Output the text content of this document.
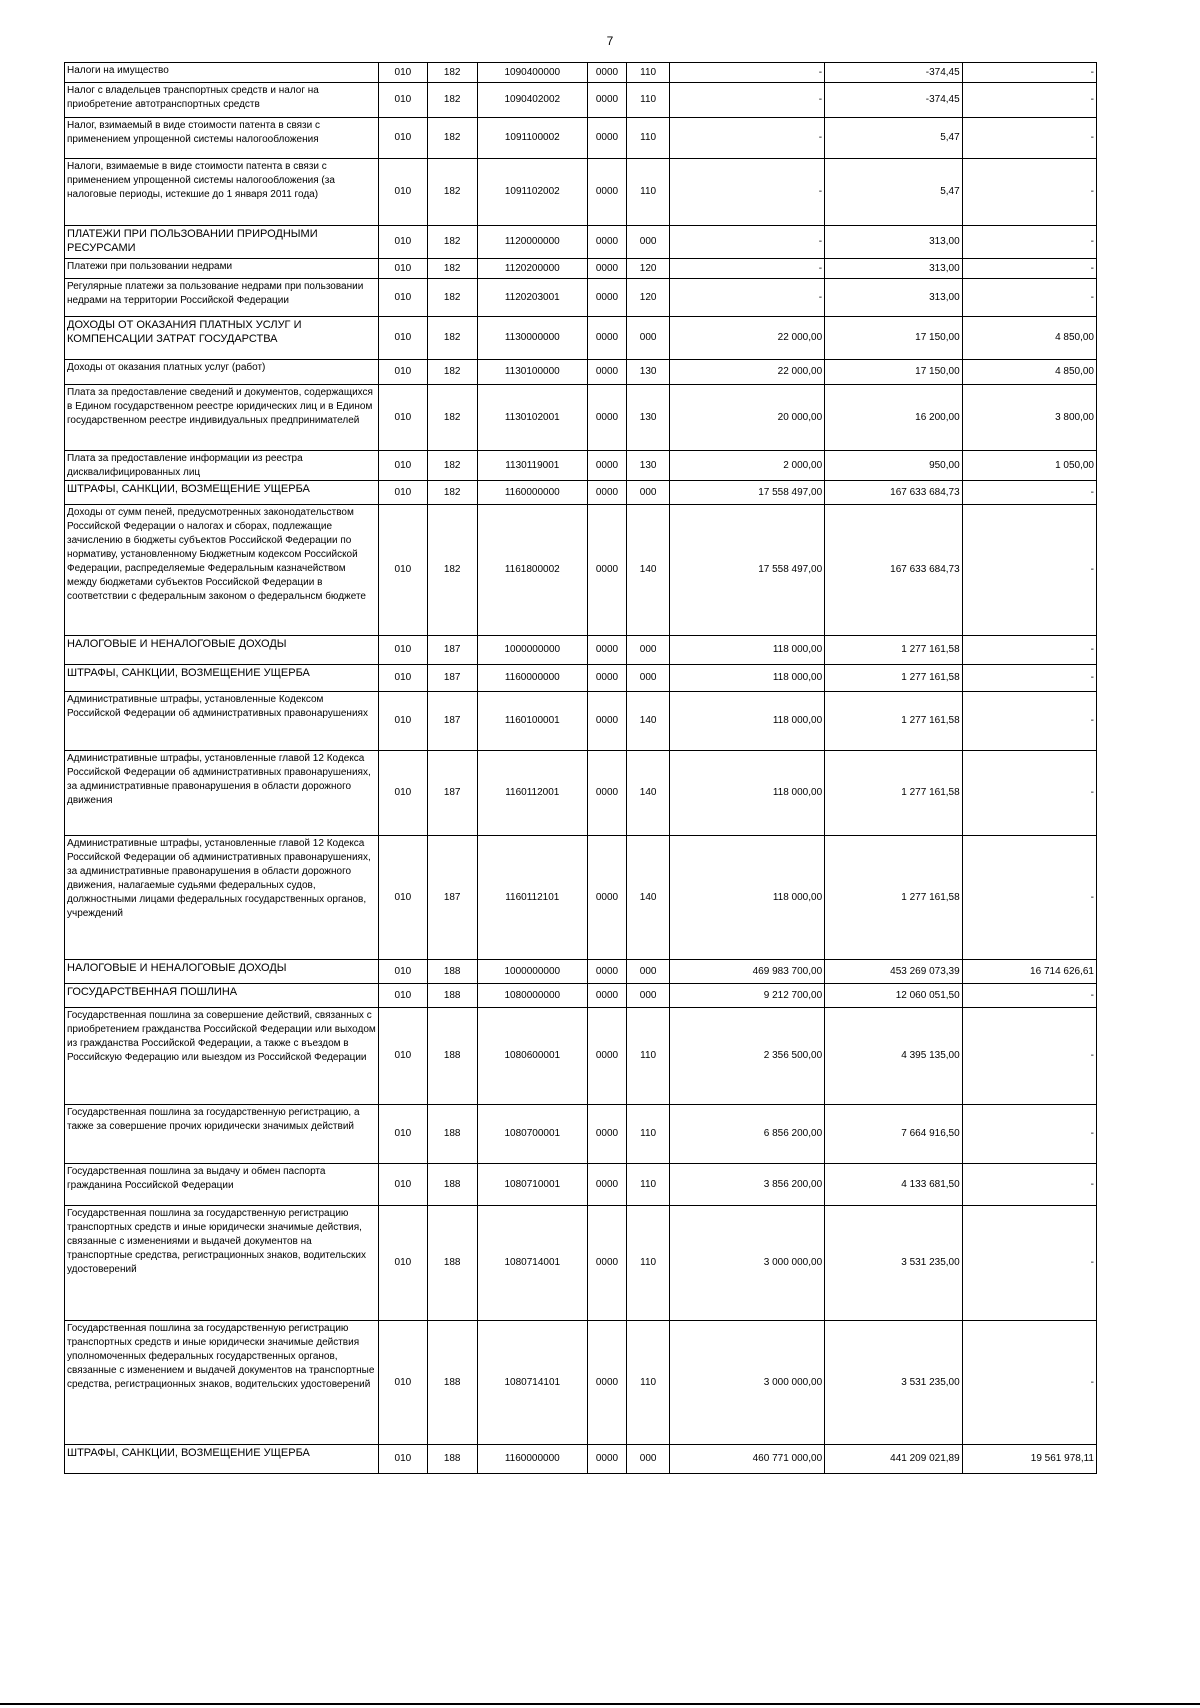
7
Налоги на имущество	010	182	1090400000	0000	110	-	-374,45	-
Налог с владельцев транспортных средств и налог на приобретение автотранспортных средств	010	182	1090402002	0000	110	-	-374,45	-
Налог, взимаемый в виде стоимости патента в связи с применением упрощенной системы налогообложения	010	182	1091100002	0000	110	-	5,47	-
Налоги, взимаемые в виде стоимости патента в связи с применением упрощенной системы налогообложения (за налоговые периоды, истекшие до 1 января 2011 года)	010	182	1091102002	0000	110	-	5,47	-
ПЛАТЕЖИ ПРИ ПОЛЬЗОВАНИИ ПРИРОДНЫМИ РЕСУРСАМИ	010	182	1120000000	0000	000	-	313,00	-
Платежи при пользовании недрами	010	182	1120200000	0000	120	-	313,00	-
Регулярные платежи за пользование недрами при пользовании недрами на территории Российской Федерации	010	182	1120203001	0000	120	-	313,00	-
ДОХОДЫ ОТ ОКАЗАНИЯ ПЛАТНЫХ УСЛУГ И КОМПЕНСАЦИИ ЗАТРАТ ГОСУДАРСТВА	010	182	1130000000	0000	000	22 000,00	17 150,00	4 850,00
Доходы от оказания платных услуг (работ)	010	182	1130100000	0000	130	22 000,00	17 150,00	4 850,00
Плата за предоставление сведений и документов, содержащихся в Едином государственном реестре юридических лиц и в Едином государственном реестре индивидуальных предпринимателей	010	182	1130102001	0000	130	20 000,00	16 200,00	3 800,00
Плата за предоставление информации из реестра дисквалифицированных лиц	010	182	1130119001	0000	130	2 000,00	950,00	1 050,00
ШТРАФЫ, САНКЦИИ, ВОЗМЕЩЕНИЕ УЩЕРБА	010	182	1160000000	0000	000	17 558 497,00	167 633 684,73	-
Доходы от сумм пеней, предусмотренных законодательством Российской Федерации о налогах и сборах, подлежащие зачислению в бюджеты субъектов Российской Федерации по нормативу, установленному Бюджетным кодексом Российской Федерации, распределяемые Федеральным казначейством между бюджетами субъектов Российской Федерации в соответствии с федеральным законом о федеральнсм бюджете	010	182	1161800002	0000	140	17 558 497,00	167 633 684,73	-
НАЛОГОВЫЕ И НЕНАЛОГОВЫЕ ДОХОДЫ	010	187	1000000000	0000	000	118 000,00	1 277 161,58	-
ШТРАФЫ, САНКЦИИ, ВОЗМЕЩЕНИЕ УЩЕРБА	010	187	1160000000	0000	000	118 000,00	1 277 161,58	-
Административные штрафы, установленные Кодексом Российской Федерации об административных правонарушениях	010	187	1160100001	0000	140	118 000,00	1 277 161,58	-
Административные штрафы, установленные главой 12 Кодекса Российской Федерации об административных правонарушениях, за административные правонарушения в области дорожного движения	010	187	1160112001	0000	140	118 000,00	1 277 161,58	-
Административные штрафы, установленные главой 12 Кодекса Российской Федерации об административных правонарушениях, за административные правонарушения в области дорожного движения, налагаемые судьями федеральных судов, должностными лицами федеральных государственных органов, учреждений	010	187	1160112101	0000	140	118 000,00	1 277 161,58	-
НАЛОГОВЫЕ И НЕНАЛОГОВЫЕ ДОХОДЫ	010	188	1000000000	0000	000	469 983 700,00	453 269 073,39	16 714 626,61
ГОСУДАРСТВЕННАЯ ПОШЛИНА	010	188	1080000000	0000	000	9 212 700,00	12 060 051,50	-
Государственная пошлина за совершение действий, связанных с приобретением гражданства Российской Федерации или выходом из гражданства Российской Федерации, а также с въездом в Российскую Федерацию или выездом из Российской Федерации	010	188	1080600001	0000	110	2 356 500,00	4 395 135,00	-
Государственная пошлина за государственную регистрацию, а также за совершение прочих юридически значимых действий	010	188	1080700001	0000	110	6 856 200,00	7 664 916,50	-
Государственная пошлина за выдачу и обмен паспорта гражданина Российской Федерации	010	188	1080710001	0000	110	3 856 200,00	4 133 681,50	-
Государственная пошлина за государственную регистрацию транспортных средств и иные юридически значимые действия, связанные с изменениями и выдачей документов на транспортные средства, регистрационных знаков, водительских удостоверений	010	188	1080714001	0000	110	3 000 000,00	3 531 235,00	-
Государственная пошлина за государственную регистрацию транспортных средств и иные юридически значимые действия уполномоченных федеральных государственных органов, связанные с изменением и выдачей документов на транспортные средства, регистрационных знаков, водительских удостоверений	010	188	1080714101	0000	110	3 000 000,00	3 531 235,00	-
ШТРАФЫ, САНКЦИИ, ВОЗМЕЩЕНИЕ УЩЕРБА	010	188	1160000000	0000	000	460 771 000,00	441 209 021,89	19 561 978,11
